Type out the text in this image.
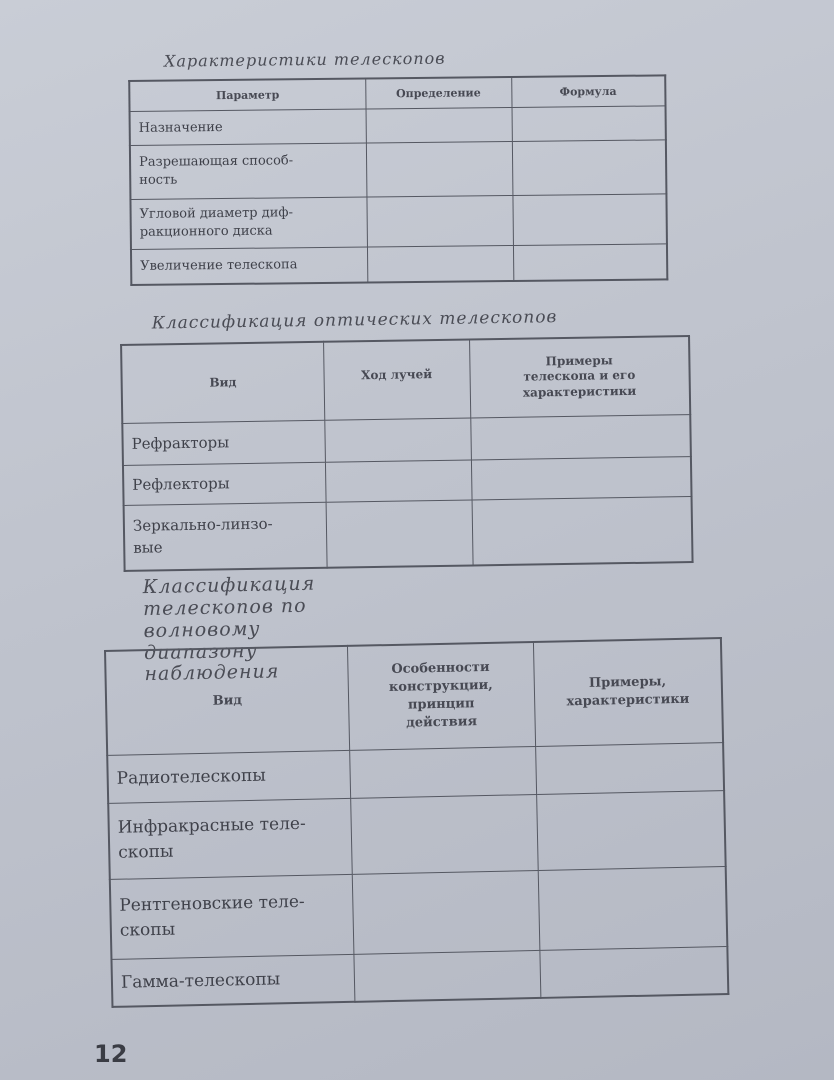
Характеристики телескопов
Параметр	Определение	Формула
Назначение		
Разрешающая способ-
ность		
Угловой диаметр диф-
ракционного диска		
Увеличение телескопа		
Классификация оптических телескопов
Вид	Ход лучей	Примеры
телескопа и его
характеристики
Рефракторы		
Рефлекторы		
Зеркально-линзо-
вые		
Классификация телескопов по волновому
диапазону наблюдения
Вид	Особенности
конструкции,
принцип
действия	Примеры,
характеристики
Радиотелескопы		
Инфракрасные теле-
скопы		
Рентгеновские теле-
скопы		
Гамма-телескопы		
12
